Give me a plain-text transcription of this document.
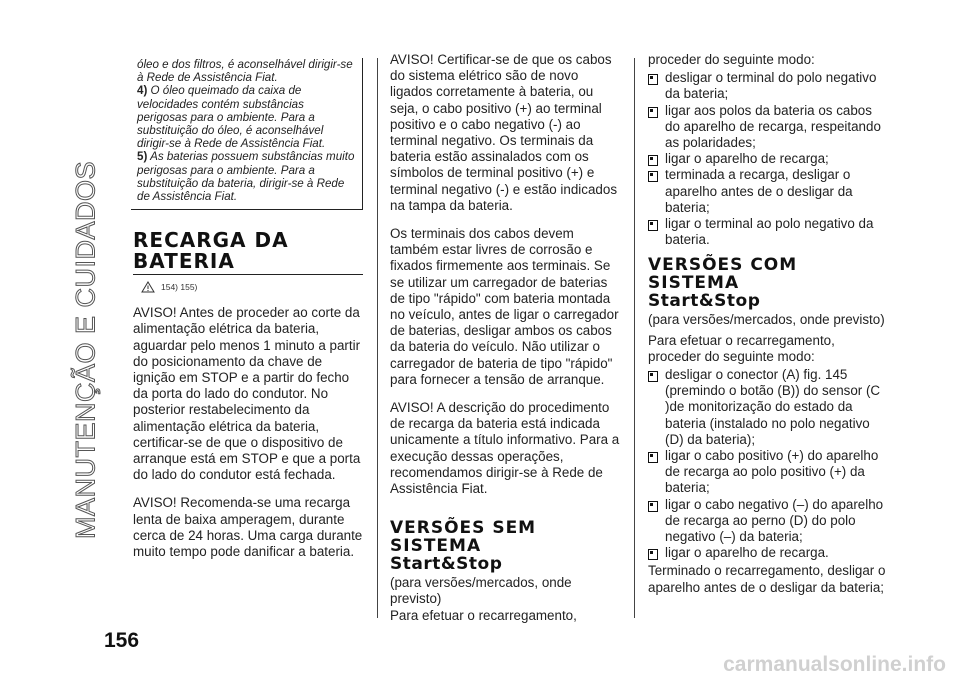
MANUTENÇÃO E CUIDADOS
156

óleo e dos filtros, é aconselhável dirigir-se à Rede de Assistência Fiat.

4) O óleo queimado da caixa de velocidades contém substâncias perigosas para o ambiente. Para a substituição do óleo, é aconselhável dirigir-se à Rede de Assistência Fiat.

5) As baterias possuem substâncias muito perigosas para o ambiente. Para a substituição da bateria, dirigir-se à Rede de Assistência Fiat.

RECARGA DA
BATERIA
154) 155)

AVISO! Antes de proceder ao corte da alimentação elétrica da bateria, aguardar pelo menos 1 minuto a partir do posicionamento da chave de ignição em STOP e a partir do fecho da porta do lado do condutor. No posterior restabelecimento da alimentação elétrica da bateria, certificar-se de que o dispositivo de arranque está em STOP e que a porta do lado do condutor está fechada.

AVISO! Recomenda-se uma recarga lenta de baixa amperagem, durante cerca de 24 horas. Uma carga durante muito tempo pode danificar a bateria.

AVISO! Certificar-se de que os cabos do sistema elétrico são de novo ligados corretamente à bateria, ou seja, o cabo positivo (+) ao terminal positivo e o cabo negativo (-) ao terminal negativo. Os terminais da bateria estão assinalados com os símbolos de terminal positivo (+) e terminal negativo (-) e estão indicados na tampa da bateria.

Os terminais dos cabos devem também estar livres de corrosão e fixados firmemente aos terminais. Se se utilizar um carregador de baterias de tipo "rápido" com bateria montada no veículo, antes de ligar o carregador de baterias, desligar ambos os cabos da bateria do veículo. Não utilizar o carregador de bateria de tipo "rápido" para fornecer a tensão de arranque.

AVISO! A descrição do procedimento de recarga da bateria está indicada unicamente a título informativo. Para a execução dessas operações, recomendamos dirigir-se à Rede de Assistência Fiat.

VERSÕES SEM SISTEMA
Start&Stop

(para versões/mercados, onde previsto)

Para efetuar o recarregamento,

proceder do seguinte modo:

desligar o terminal do polo negativo da bateria;
ligar aos polos da bateria os cabos do aparelho de recarga, respeitando as polaridades;
ligar o aparelho de recarga;
terminada a recarga, desligar o aparelho antes de o desligar da bateria;
ligar o terminal ao polo negativo da bateria.
VERSÕES COM SISTEMA
Start&Stop

(para versões/mercados, onde previsto)

Para efetuar o recarregamento, proceder do seguinte modo:

desligar o conector (A) fig. 145 (premindo o botão (B)) do sensor (C )de monitorização do estado da bateria (instalado no polo negativo (D) da bateria);
ligar o cabo positivo (+) do aparelho de recarga ao polo positivo (+) da bateria;
ligar o cabo negativo (–) do aparelho de recarga ao perno (D) do polo negativo (–) da bateria;
ligar o aparelho de recarga.

Terminado o recarregamento, desligar o aparelho antes de o desligar da bateria;

carmanualsonline.info
